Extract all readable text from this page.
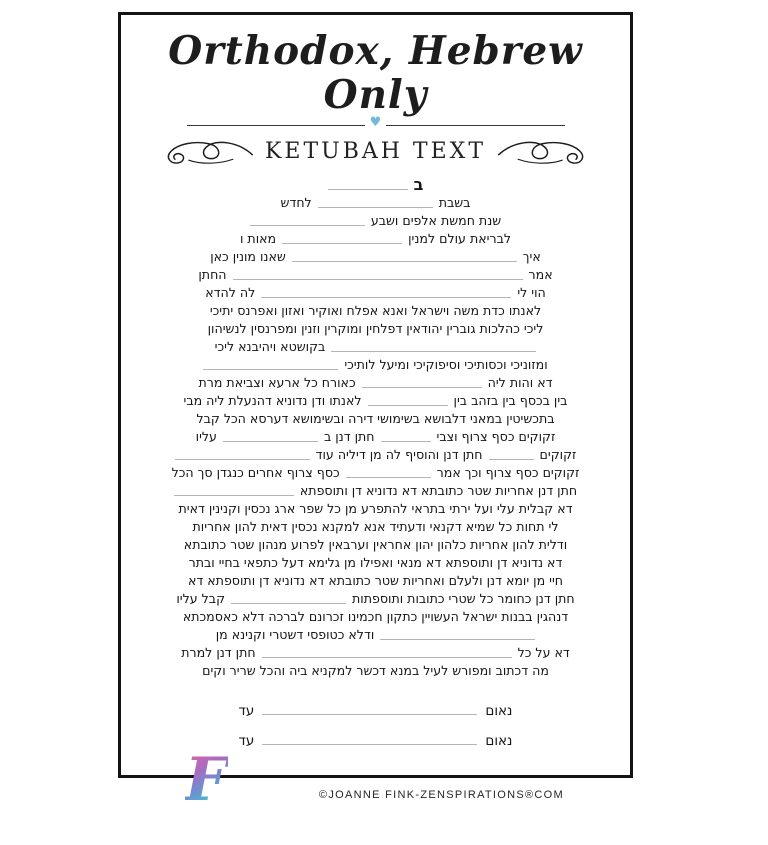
Orthodox, Hebrew Only
♥
KETUBAH TEXT
ב
לחדש	בשבת
שנת חמשת אלפים ושבע
מאות ו	לבריאת עולם למנין
שאנו מונין כאן	איך
החתן	אמר
לה להדא	הוי לי
לאנתו כדת משה וישראל ואנא אפלח ואוקיר ואזון ואפרנס יתיכי
ליכי כהלכות גוברין יהודאין דפלחין ומוקרין וזנין ומפרנסין לנשיהון
בקושטא ויהיבנא ליכי
ומזוניכי וכסותיכי וסיפוקיכי ומיעל לותיכי
כאורח כל ארעא וצביאת מרת	דא והות ליה
לאנתו ודן נדוניא דהנעלת ליה מבי	בין בכסף בין בזהב בין
בתכשיטין במאני דלבושא בשימושי דירה ובשימושא דערסא הכל קבל
עליו	חתן דנן ב	זקוקים כסף צרוף וצבי
חתן דנן והוסיף לה מן דיליה עוד	זקוקים
כסף צרוף אחרים כנגדן סך הכל	זקוקים כסף צרוף וכך אמר
חתן דנן אחריות שטר כתובתא דא נדוניא דן ותוספתא
דא קבלית עלי ועל ירתי בתראי להתפרע מן כל שפר ארג נכסין וקנינין דאית
לי תחות כל שמיא דקנאי ודעתיד אנא למקנא נכסין דאית להון אחריות
ודלית להון אחריות כלהון יהון אחראין וערבאין לפרוע מנהון שטר כתובתא
דא נדוניא דן ותוספתא דא מנאי ואפילו מן גלימא דעל כתפאי בחיי ובתר
חיי מן יומא דנן ולעלם ואחריות שטר כתובתא דא נדוניא דן ותוספתא דא
קבל עליו	חתן דנן כחומר כל שטרי כתובות ותוספתות
דנהגין בבנות ישראל העשויין כתקון חכמינו זכרונם לברכה דלא כאסמכתא
ודלא כטופסי דשטרי וקנינא מן
חתן דנן למרת	דא על כל
מה דכתוב ומפורש לעיל במנא דכשר למקניא ביה והכל שריר וקים
עד	נאום
עד	נאום
F	©JOANNE FINK-ZENSPIRATIONS®COM
